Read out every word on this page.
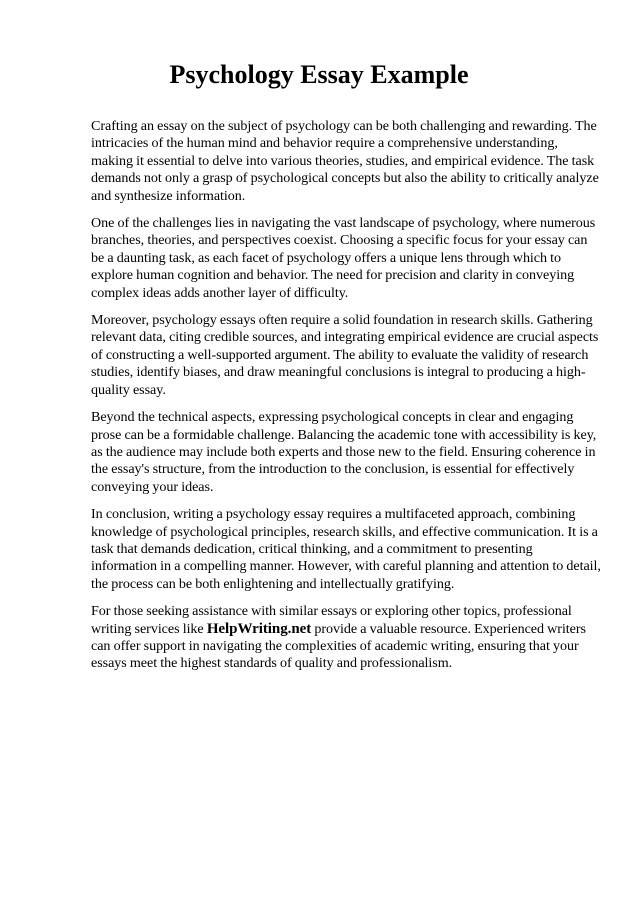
Psychology Essay Example

Crafting an essay on the subject of psychology can be both challenging and rewarding. The intricacies of the human mind and behavior require a comprehensive understanding, making it essential to delve into various theories, studies, and empirical evidence. The task demands not only a grasp of psychological concepts but also the ability to critically analyze and synthesize information.

One of the challenges lies in navigating the vast landscape of psychology, where numerous branches, theories, and perspectives coexist. Choosing a specific focus for your essay can be a daunting task, as each facet of psychology offers a unique lens through which to explore human cognition and behavior. The need for precision and clarity in conveying complex ideas adds another layer of difficulty.

Moreover, psychology essays often require a solid foundation in research skills. Gathering relevant data, citing credible sources, and integrating empirical evidence are crucial aspects of constructing a well-supported argument. The ability to evaluate the validity of research studies, identify biases, and draw meaningful conclusions is integral to producing a high-quality essay.

Beyond the technical aspects, expressing psychological concepts in clear and engaging prose can be a formidable challenge. Balancing the academic tone with accessibility is key, as the audience may include both experts and those new to the field. Ensuring coherence in the essay's structure, from the introduction to the conclusion, is essential for effectively conveying your ideas.

In conclusion, writing a psychology essay requires a multifaceted approach, combining knowledge of psychological principles, research skills, and effective communication. It is a task that demands dedication, critical thinking, and a commitment to presenting information in a compelling manner. However, with careful planning and attention to detail, the process can be both enlightening and intellectually gratifying.

For those seeking assistance with similar essays or exploring other topics, professional writing services like HelpWriting.net provide a valuable resource. Experienced writers can offer support in navigating the complexities of academic writing, ensuring that your essays meet the highest standards of quality and professionalism.
